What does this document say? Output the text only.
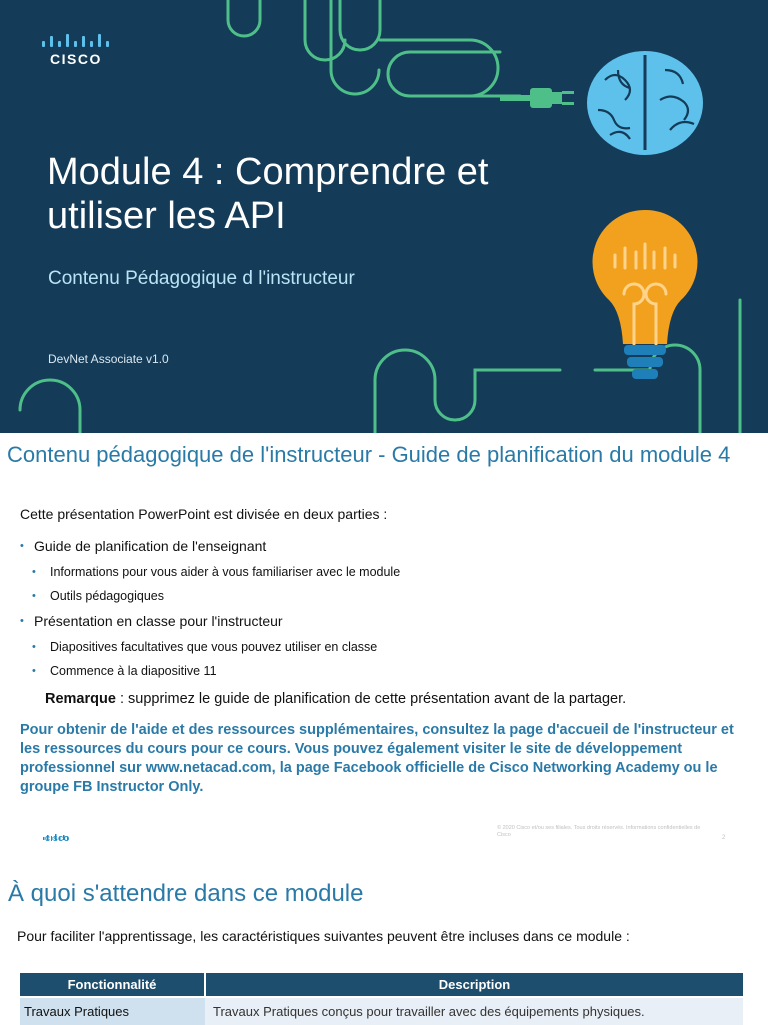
CISCO
Module 4 : Comprendre et utiliser les API
Contenu Pédagogique d l'instructeur
DevNet Associate v1.0
Contenu pédagogique de l'instructeur - Guide de planification du module 4
Cette présentation PowerPoint est divisée en deux parties :
• Guide de planification de l'enseignant
• Informations pour vous aider à vous familiariser avec le module
• Outils pédagogiques
• Présentation en classe pour l'instructeur
• Diapositives facultatives que vous pouvez utiliser en classe
• Commence à la diapositive 11
Remarque : supprimez le guide de planification de cette présentation avant de la partager.
Pour obtenir de l'aide et des ressources supplémentaires, consultez la page d'accueil de l'instructeur et les ressources du cours pour ce cours. Vous pouvez également visiter le site de développement professionnel sur www.netacad.com, la page Facebook officielle de Cisco Networking Academy ou le groupe FB Instructor Only.
CISCO
© 2020 Cisco et/ou ses filiales. Tous droits réservés. Informations confidentielles de Cisco	2
À quoi s'attendre dans ce module
Pour faciliter l'apprentissage, les caractéristiques suivantes peuvent être incluses dans ce module :
Fonctionnalité	Description
Travaux Pratiques	Travaux Pratiques conçus pour travailler avec des équipements physiques.
